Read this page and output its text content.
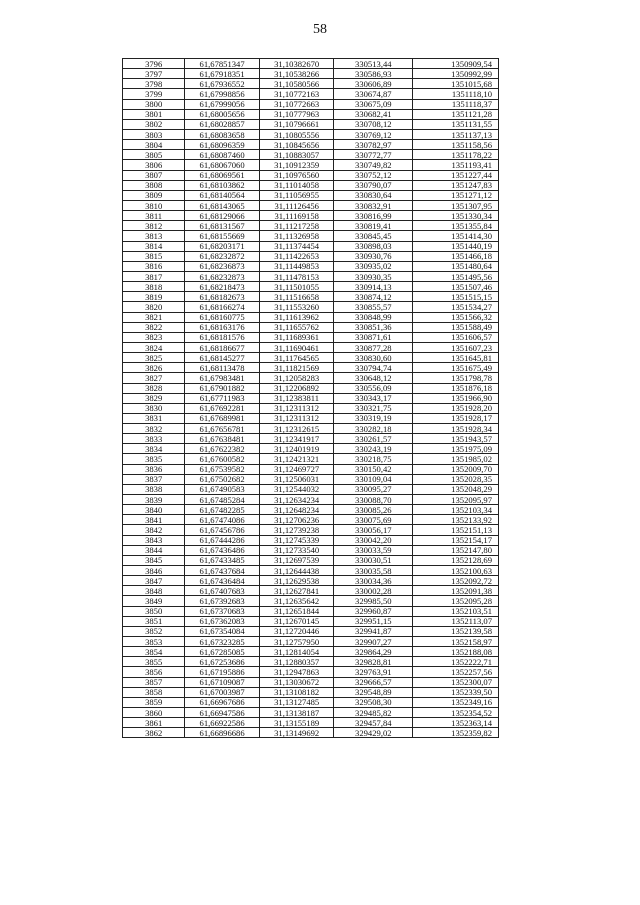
58
3796	61,67851347	31,10382670	330513,44	1350909,54
3797	61,67918351	31,10538266	330586,93	1350992,99
3798	61,67936552	31,10580566	330606,89	1351015,68
3799	61,67998856	31,10772163	330674,87	1351118,10
3800	61,67999056	31,10772663	330675,09	1351118,37
3801	61,68005656	31,10777963	330682,41	1351121,28
3802	61,68028857	31,10796661	330708,12	1351131,55
3803	61,68083658	31,10805556	330769,12	1351137,13
3804	61,68096359	31,10845656	330782,97	1351158,56
3805	61,68087460	31,10883057	330772,77	1351178,22
3806	61,68067060	31,10912359	330749,82	1351193,41
3807	61,68069561	31,10976560	330752,12	1351227,44
3808	61,68103862	31,11014058	330790,07	1351247,83
3809	61,68140564	31,11056955	330830,64	1351271,12
3810	61,68143065	31,11126456	330832,91	1351307,95
3811	61,68129066	31,11169158	330816,99	1351330,34
3812	61,68131567	31,11217258	330819,41	1351355,84
3813	61,68155669	31,11326958	330845,45	1351414,30
3814	61,68203171	31,11374454	330898,03	1351440,19
3815	61,68232872	31,11422653	330930,76	1351466,18
3816	61,68236873	31,11449853	330935,02	1351480,64
3817	61,68232873	31,11478153	330930,35	1351495,56
3818	61,68218473	31,11501055	330914,13	1351507,46
3819	61,68182673	31,11516658	330874,12	1351515,15
3820	61,68166274	31,11553260	330855,57	1351534,27
3821	61,68160775	31,11613962	330848,99	1351566,32
3822	61,68163176	31,11655762	330851,36	1351588,49
3823	61,68181576	31,11689361	330871,61	1351606,57
3824	61,68186677	31,11690461	330877,28	1351607,23
3825	61,68145277	31,11764565	330830,60	1351645,81
3826	61,68113478	31,11821569	330794,74	1351675,49
3827	61,67983481	31,12058283	330648,12	1351798,78
3828	61,67901882	31,12206892	330556,09	1351876,18
3829	61,67711983	31,12383811	330343,17	1351966,90
3830	61,67692281	31,12311312	330321,75	1351928,20
3831	61,67689981	31,12311312	330319,19	1351928,17
3832	61,67656781	31,12312615	330282,18	1351928,34
3833	61,67638481	31,12341917	330261,57	1351943,57
3834	61,67622382	31,12401919	330243,19	1351975,09
3835	61,67600582	31,12421321	330218,75	1351985,02
3836	61,67539582	31,12469727	330150,42	1352009,70
3837	61,67502682	31,12506031	330109,04	1352028,35
3838	61,67490583	31,12544032	330095,27	1352048,29
3839	61,67485284	31,12634234	330088,70	1352095,97
3840	61,67482285	31,12648234	330085,26	1352103,34
3841	61,67474086	31,12706236	330075,69	1352133,92
3842	61,67456786	31,12739238	330056,17	1352151,13
3843	61,67444286	31,12745339	330042,20	1352154,17
3844	61,67436486	31,12733540	330033,59	1352147,80
3845	61,67433485	31,12697539	330030,51	1352128,69
3846	61,67437684	31,12644438	330035,58	1352100,63
3847	61,67436484	31,12629538	330034,36	1352092,72
3848	61,67407683	31,12627841	330002,28	1352091,38
3849	61,67392683	31,12635642	329985,50	1352095,28
3850	61,67370683	31,12651844	329960,87	1352103,51
3851	61,67362083	31,12670145	329951,15	1352113,07
3852	61,67354084	31,12720446	329941,87	1352139,58
3853	61,67323285	31,12757950	329907,27	1352158,97
3854	61,67285085	31,12814054	329864,29	1352188,08
3855	61,67253686	31,12880357	329828,81	1352222,71
3856	61,67195886	31,12947863	329763,91	1352257,56
3857	61,67109087	31,13030672	329666,57	1352300,07
3858	61,67003987	31,13108182	329548,89	1352339,50
3859	61,66967686	31,13127485	329508,30	1352349,16
3860	61,66947586	31,13138187	329485,82	1352354,52
3861	61,66922586	31,13155189	329457,84	1352363,14
3862	61,66896686	31,13149692	329429,02	1352359,82
